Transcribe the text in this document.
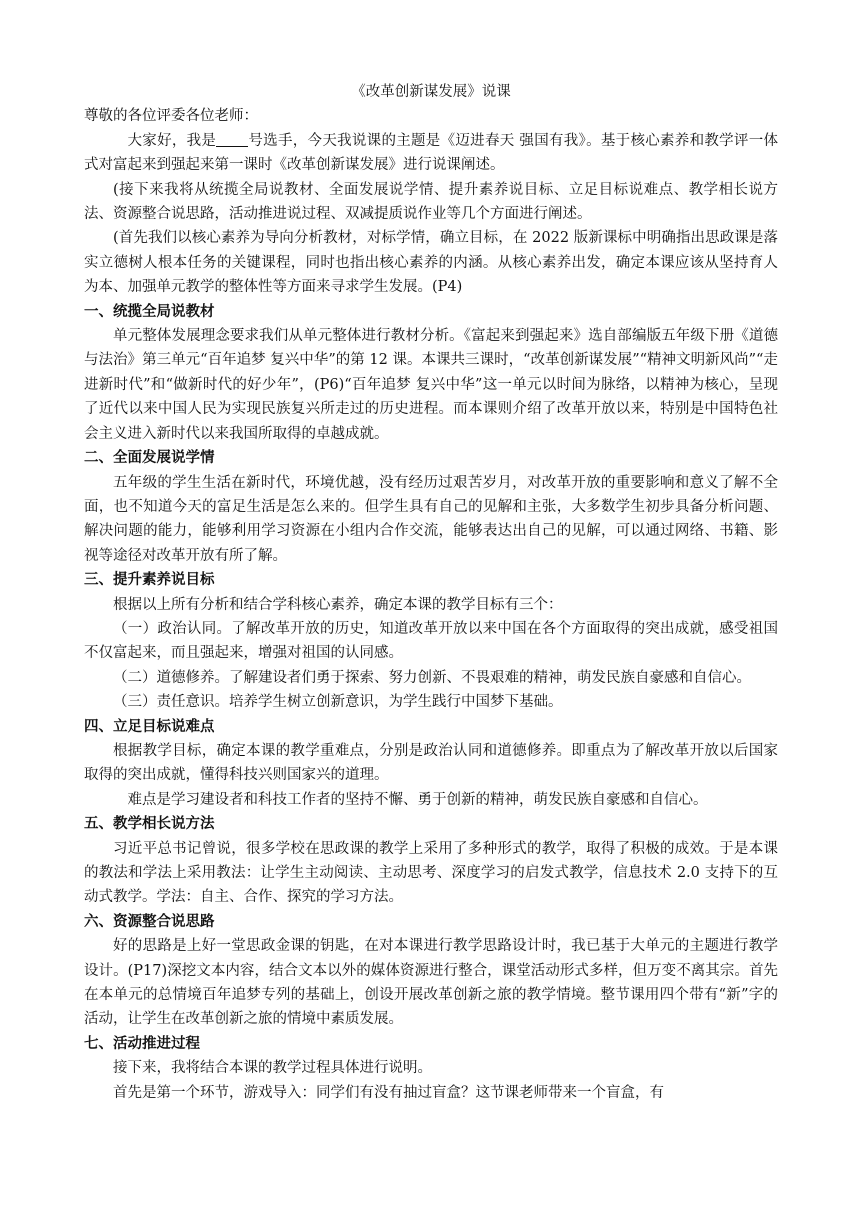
《改革创新谋发展》说课

尊敬的各位评委各位老师：

大家好，我是 号选手，今天我说课的主题是《迈进春天 强国有我》。基于核心素养和教学评一体式对富起来到强起来第一课时《改革创新谋发展》进行说课阐述。

(接下来我将从统揽全局说教材、全面发展说学情、提升素养说目标、立足目标说难点、教学相长说方法、资源整合说思路，活动推进说过程、双减提质说作业等几个方面进行阐述。

(首先我们以核心素养为导向分析教材，对标学情，确立目标，在 2022 版新课标中明确指出思政课是落实立德树人根本任务的关键课程，同时也指出核心素养的内涵。从核心素养出发，确定本课应该从坚持育人为本、加强单元教学的整体性等方面来寻求学生发展。(P4)

一、统揽全局说教材

单元整体发展理念要求我们从单元整体进行教材分析。《富起来到强起来》选自部编版五年级下册《道德与法治》第三单元“百年追梦 复兴中华”的第 12 课。本课共三课时，“改革创新谋发展”“精神文明新风尚”“走进新时代”和“做新时代的好少年”，(P6)“百年追梦 复兴中华”这一单元以时间为脉络，以精神为核心，呈现了近代以来中国人民为实现民族复兴所走过的历史进程。而本课则介绍了改革开放以来，特别是中国特色社会主义进入新时代以来我国所取得的卓越成就。

二、全面发展说学情

五年级的学生生活在新时代，环境优越，没有经历过艰苦岁月，对改革开放的重要影响和意义了解不全面，也不知道今天的富足生活是怎么来的。但学生具有自己的见解和主张，大多数学生初步具备分析问题、解决问题的能力，能够利用学习资源在小组内合作交流，能够表达出自己的见解，可以通过网络、书籍、影视等途径对改革开放有所了解。

三、提升素养说目标

根据以上所有分析和结合学科核心素养，确定本课的教学目标有三个：

（一）政治认同。了解改革开放的历史，知道改革开放以来中国在各个方面取得的突出成就，感受祖国不仅富起来，而且强起来，增强对祖国的认同感。

（二）道德修养。了解建设者们勇于探索、努力创新、不畏艰难的精神，萌发民族自豪感和自信心。

（三）责任意识。培养学生树立创新意识，为学生践行中国梦下基础。

四、立足目标说难点

根据教学目标，确定本课的教学重难点，分别是政治认同和道德修养。即重点为了解改革开放以后国家取得的突出成就，懂得科技兴则国家兴的道理。

难点是学习建设者和科技工作者的坚持不懈、勇于创新的精神，萌发民族自豪感和自信心。

五、教学相长说方法

习近平总书记曾说，很多学校在思政课的教学上采用了多种形式的教学，取得了积极的成效。于是本课的教法和学法上采用教法：让学生主动阅读、主动思考、深度学习的启发式教学，信息技术 2.0 支持下的互动式教学。学法：自主、合作、探究的学习方法。

六、资源整合说思路

好的思路是上好一堂思政金课的钥匙，在对本课进行教学思路设计时，我已基于大单元的主题进行教学设计。(P17)深挖文本内容，结合文本以外的媒体资源进行整合，课堂活动形式多样，但万变不离其宗。首先在本单元的总情境百年追梦专列的基础上，创设开展改革创新之旅的教学情境。整节课用四个带有“新”字的活动，让学生在改革创新之旅的情境中素质发展。

七、活动推进过程

接下来，我将结合本课的教学过程具体进行说明。

首先是第一个环节，游戏导入：同学们有没有抽过盲盒？这节课老师带来一个盲盒，有
